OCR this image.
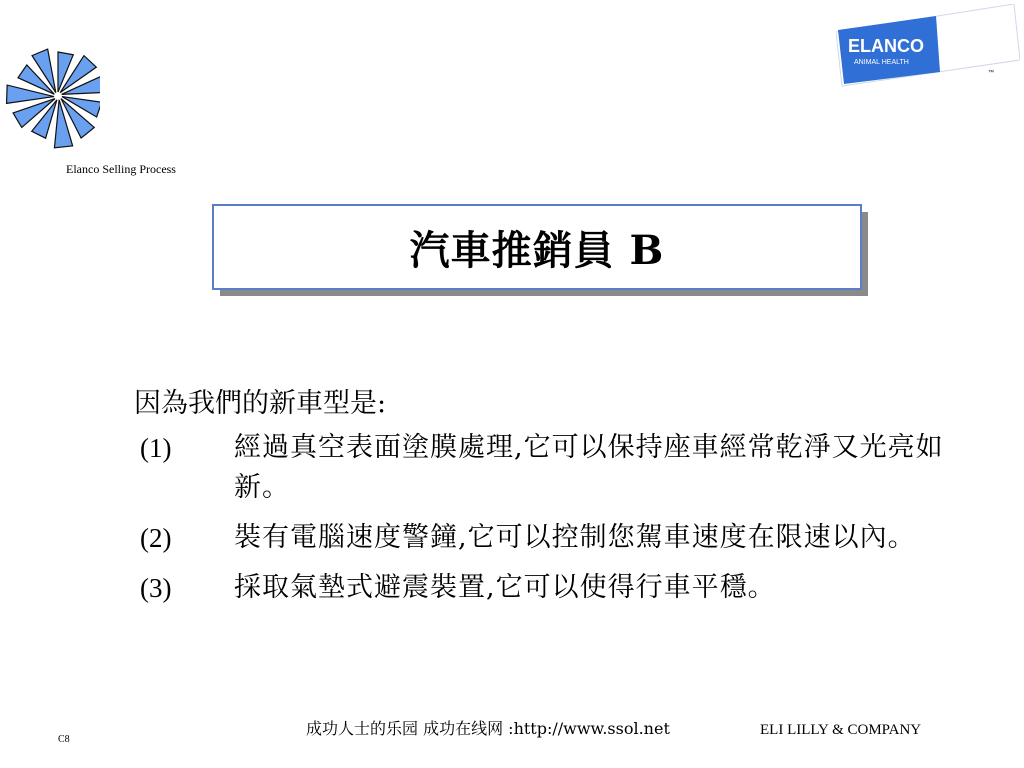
Elanco Selling Process
ELANCO
ANIMAL HEALTH
™
汽車推銷員 B
因為我們的新車型是:
(1)	經過真空表面塗膜處理,它可以保持座車經常乾淨又光亮如新。
(2)	裝有電腦速度警鐘,它可以控制您駕車速度在限速以內。
(3)	採取氣墊式避震裝置,它可以使得行車平穩。
成功人士的乐园 成功在线网 :http://www.ssol.net	ELI LILLY & COMPANY
C8
